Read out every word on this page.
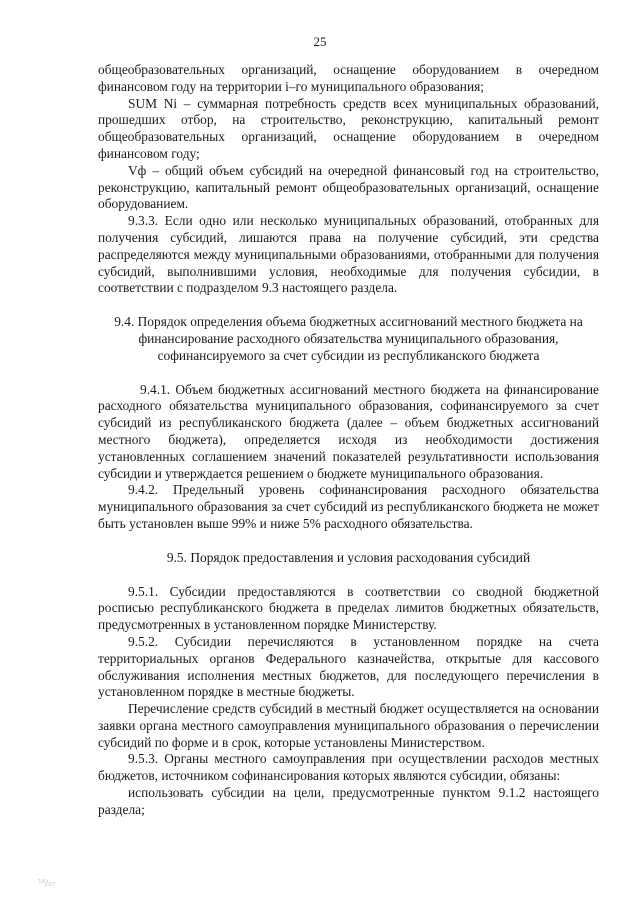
25

общеобразовательных организаций, оснащение оборудованием в очередном финансовом году на территории i–го муниципального образования;

SUM Ni – суммарная потребность средств всех муниципальных образований, прошедших отбор, на строительство, реконструкцию, капитальный ремонт общеобразовательных организаций, оснащение оборудованием в очередном финансовом году;

Vф – общий объем субсидий на очередной финансовый год на строительство, реконструкцию, капитальный ремонт общеобразовательных организаций, оснащение оборудованием.

9.3.3. Если одно или несколько муниципальных образований, отобранных для получения субсидий, лишаются права на получение субсидий, эти средства распределяются между муниципальными образованиями, отобранными для получения субсидий, выполнившими условия, необходимые для получения субсидии, в соответствии с подразделом 9.3 настоящего раздела.

9.4. Порядок определения объема бюджетных ассигнований местного бюджета на финансирование расходного обязательства муниципального образования, софинансируемого за счет субсидии из республиканского бюджета

9.4.1. Объем бюджетных ассигнований местного бюджета на финансирование расходного обязательства муниципального образования, софинансируемого за счет субсидий из республиканского бюджета (далее – объем бюджетных ассигнований местного бюджета), определяется исходя из необходимости достижения установленных соглашением значений показателей результативности использования субсидии и утверждается решением о бюджете муниципального образования.

9.4.2. Предельный уровень софинансирования расходного обязательства муниципального образования за счет субсидий из республиканского бюджета не может быть установлен выше 99% и ниже 5% расходного обязательства.

9.5. Порядок предоставления и условия расходования субсидий

9.5.1. Субсидии предоставляются в соответствии со сводной бюджетной росписью республиканского бюджета в пределах лимитов бюджетных обязательств, предусмотренных в установленном порядке Министерству.

9.5.2. Субсидии перечисляются в установленном порядке на счета территориальных органов Федерального казначейства, открытые для кассового обслуживания исполнения местных бюджетов, для последующего перечисления в установленном порядке в местные бюджеты.

Перечисление средств субсидий в местный бюджет осуществляется на основании заявки органа местного самоуправления муниципального образования о перечислении субсидий по форме и в срок, которые установлены Министерством.

9.5.3. Органы местного самоуправления при осуществлении расходов местных бюджетов, источником софинансирования которых являются субсидии, обязаны:

использовать субсидии на цели, предусмотренные пунктом 9.1.2 настоящего раздела;

¹⁸/₀₇
